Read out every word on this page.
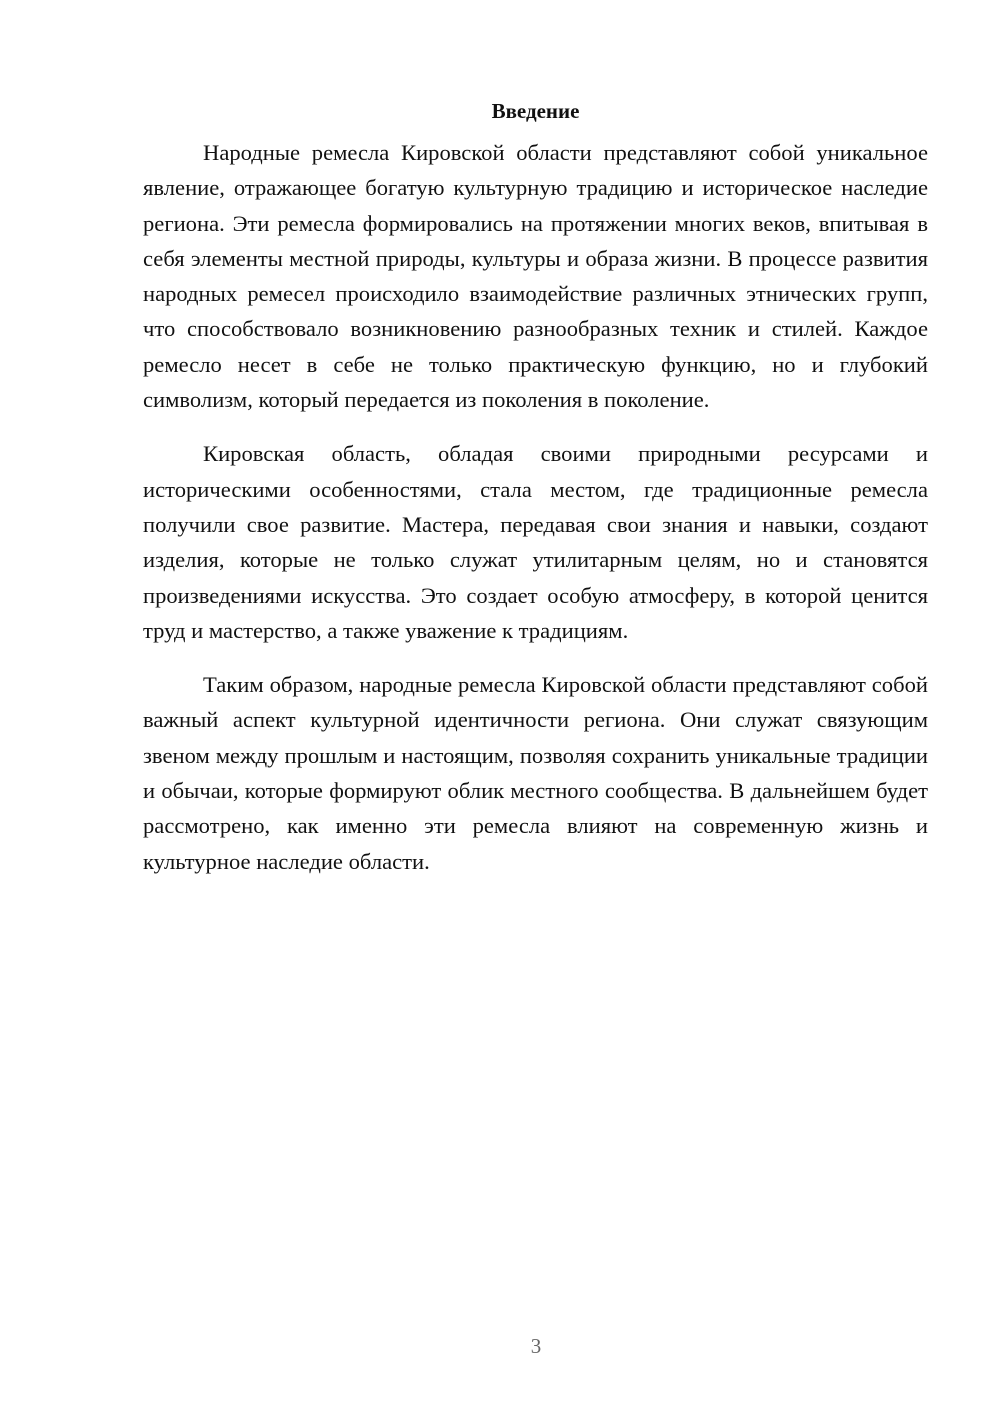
Введение

Народные ремесла Кировской области представляют собой уникальное явление, отражающее богатую культурную традицию и историческое наследие региона. Эти ремесла формировались на протяжении многих веков, впитывая в себя элементы местной природы, культуры и образа жизни. В процессе развития народных ремесел происходило взаимодействие различных этнических групп, что способствовало возникновению разнообразных техник и стилей. Каждое ремесло несет в себе не только практическую функцию, но и глубокий символизм, который передается из поколения в поколение.

Кировская область, обладая своими природными ресурсами и историческими особенностями, стала местом, где традиционные ремесла получили свое развитие. Мастера, передавая свои знания и навыки, создают изделия, которые не только служат утилитарным целям, но и становятся произведениями искусства. Это создает особую атмосферу, в которой ценится труд и мастерство, а также уважение к традициям.

Таким образом, народные ремесла Кировской области представляют собой важный аспект культурной идентичности региона. Они служат связующим звеном между прошлым и настоящим, позволяя сохранить уникальные традиции и обычаи, которые формируют облик местного сообщества. В дальнейшем будет рассмотрено, как именно эти ремесла влияют на современную жизнь и культурное наследие области.

3
